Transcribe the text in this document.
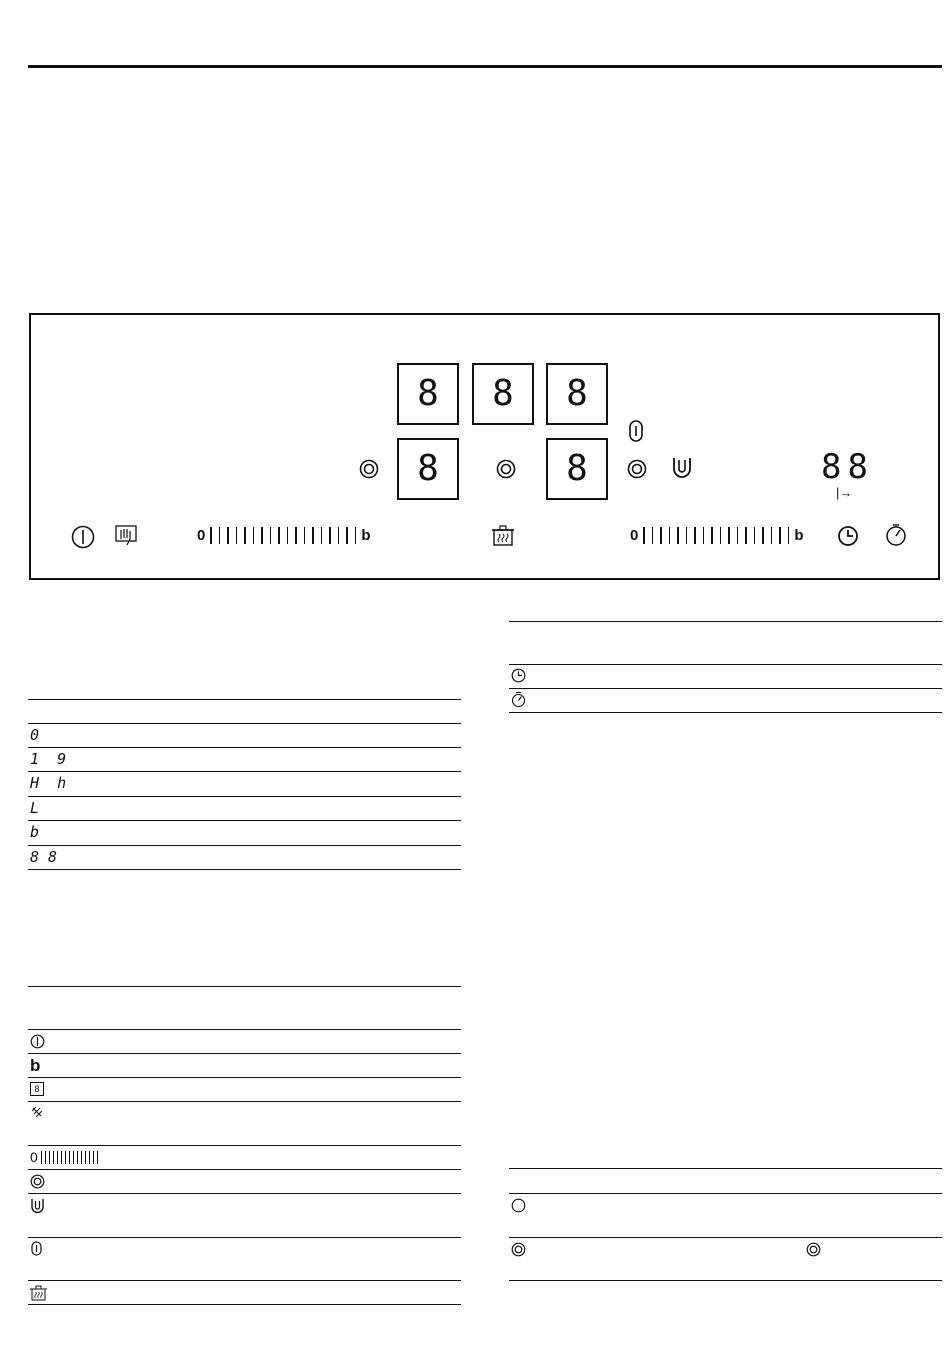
8 8 8
8	8	88
|→
0	b	0	b
0
1  9
H  h
L
b
8 8
b
8
0
